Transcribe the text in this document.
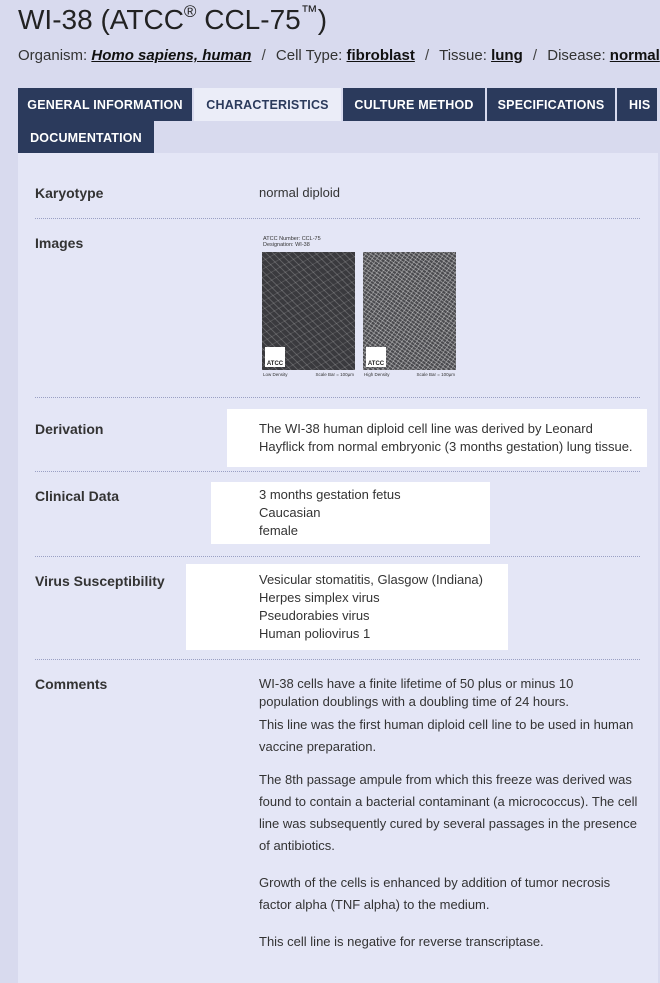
WI-38 (ATCC® CCL-75™)
Organism: Homo sapiens, human / Cell Type: fibroblast / Tissue: lung / Disease: normal
GENERAL INFORMATION	CHARACTERISTICS	CULTURE METHOD	SPECIFICATIONS	HIS
DOCUMENTATION
Karyotype	normal diploid
Images	ATCC Number: CCL-75
Designation: WI-38
ATCC
Low Density	Scale Bar = 100µm
ATCC
High Density	Scale Bar = 100µm
Derivation	The WI-38 human diploid cell line was derived by Leonard
Hayflick from normal embryonic (3 months gestation) lung tissue.
Clinical Data	3 months gestation fetus
Caucasian
female
Virus Susceptibility	Vesicular stomatitis, Glasgow (Indiana)
Herpes simplex virus
Pseudorabies virus
Human poliovirus 1
Comments	WI-38 cells have a finite lifetime of 50 plus or minus 10
population doublings with a doubling time of 24 hours.
This line was the first human diploid cell line to be used in human
vaccine preparation.
The 8th passage ampule from which this freeze was derived was found to contain a bacterial contaminant (a micrococcus). The cell line was subsequently cured by several passages in the presence of antibiotics.
Growth of the cells is enhanced by addition of tumor necrosis factor alpha (TNF alpha) to the medium.
This cell line is negative for reverse transcriptase.
